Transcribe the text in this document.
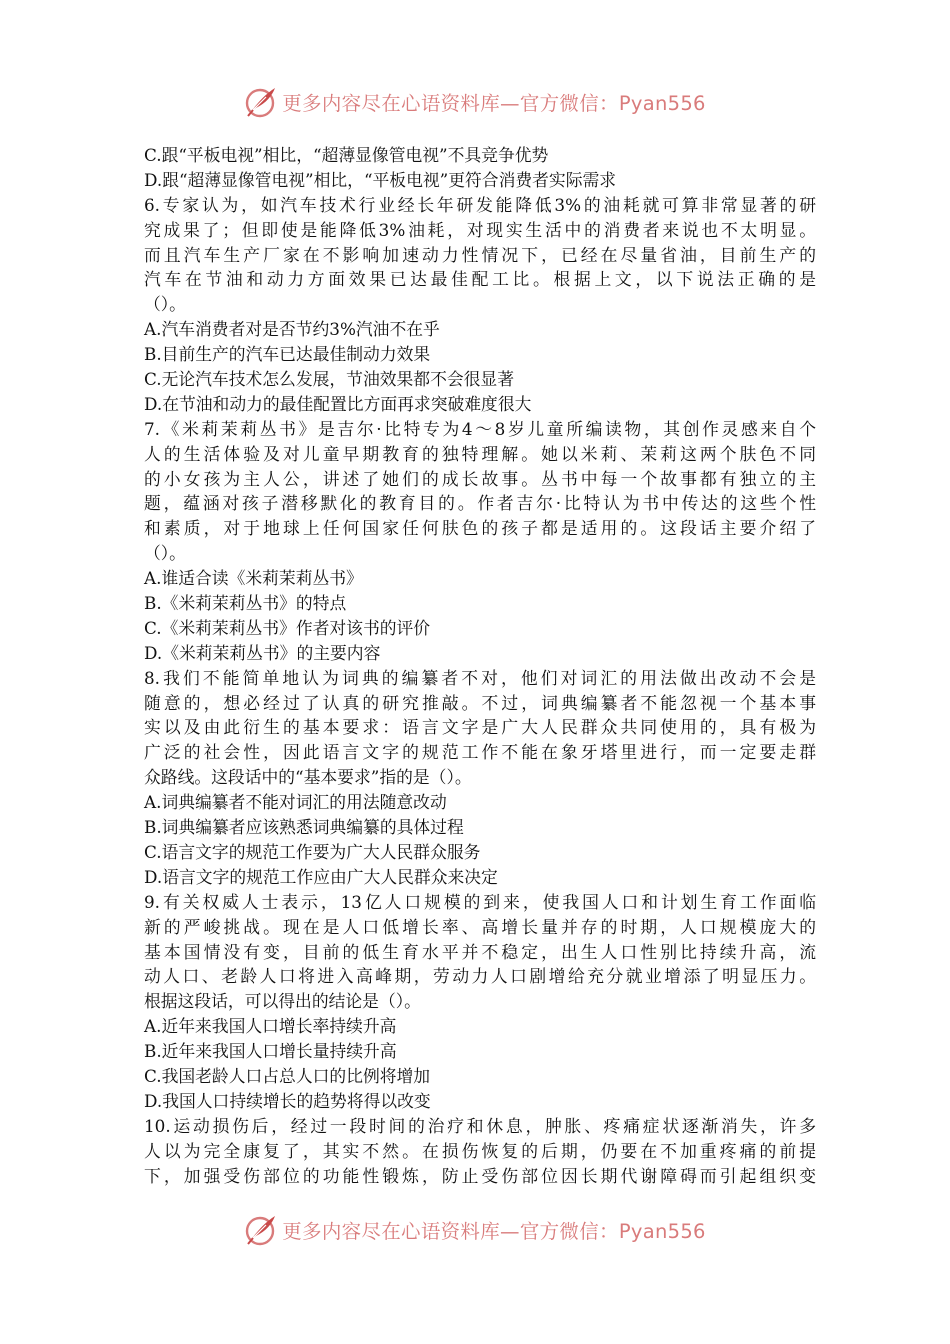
更多内容尽在心语资料库—官方微信：Pyan556
C.跟“平板电视”相比，“超薄显像管电视”不具竞争优势
D.跟“超薄显像管电视”相比，“平板电视”更符合消费者实际需求
6.专家认为，如汽车技术行业经长年研发能降低3%的油耗就可算非常显著的研
究成果了；但即使是能降低3%油耗，对现实生活中的消费者来说也不太明显。
而且汽车生产厂家在不影响加速动力性情况下，已经在尽量省油，目前生产的
汽车在节油和动力方面效果已达最佳配工比。根据上文，以下说法正确的是
（）。
A.汽车消费者对是否节约3%汽油不在乎
B.目前生产的汽车已达最佳制动力效果
C.无论汽车技术怎么发展，节油效果都不会很显著
D.在节油和动力的最佳配置比方面再求突破难度很大
7.《米莉茉莉丛书》是吉尔·比特专为4～8岁儿童所编读物，其创作灵感来自个
人的生活体验及对儿童早期教育的独特理解。她以米莉、茉莉这两个肤色不同
的小女孩为主人公，讲述了她们的成长故事。丛书中每一个故事都有独立的主
题，蕴涵对孩子潜移默化的教育目的。作者吉尔·比特认为书中传达的这些个性
和素质，对于地球上任何国家任何肤色的孩子都是适用的。这段话主要介绍了
（）。
A.谁适合读《米莉茉莉丛书》
B.《米莉茉莉丛书》的特点
C.《米莉茉莉丛书》作者对该书的评价
D.《米莉茉莉丛书》的主要内容
8.我们不能简单地认为词典的编纂者不对，他们对词汇的用法做出改动不会是
随意的，想必经过了认真的研究推敲。不过，词典编纂者不能忽视一个基本事
实以及由此衍生的基本要求：语言文字是广大人民群众共同使用的，具有极为
广泛的社会性，因此语言文字的规范工作不能在象牙塔里进行，而一定要走群
众路线。这段话中的“基本要求”指的是（）。
A.词典编纂者不能对词汇的用法随意改动
B.词典编纂者应该熟悉词典编纂的具体过程
C.语言文字的规范工作要为广大人民群众服务
D.语言文字的规范工作应由广大人民群众来决定
9.有关权威人士表示，13亿人口规模的到来，使我国人口和计划生育工作面临
新的严峻挑战。现在是人口低增长率、高增长量并存的时期，人口规模庞大的
基本国情没有变，目前的低生育水平并不稳定，出生人口性别比持续升高，流
动人口、老龄人口将进入高峰期，劳动力人口剧增给充分就业增添了明显压力。
根据这段话，可以得出的结论是（）。
A.近年来我国人口增长率持续升高
B.近年来我国人口增长量持续升高
C.我国老龄人口占总人口的比例将增加
D.我国人口持续增长的趋势将得以改变
10.运动损伤后，经过一段时间的治疗和休息，肿胀、疼痛症状逐渐消失，许多
人以为完全康复了，其实不然。在损伤恢复的后期，仍要在不加重疼痛的前提
下，加强受伤部位的功能性锻炼，防止受伤部位因长期代谢障碍而引起组织变
更多内容尽在心语资料库—官方微信：Pyan556
